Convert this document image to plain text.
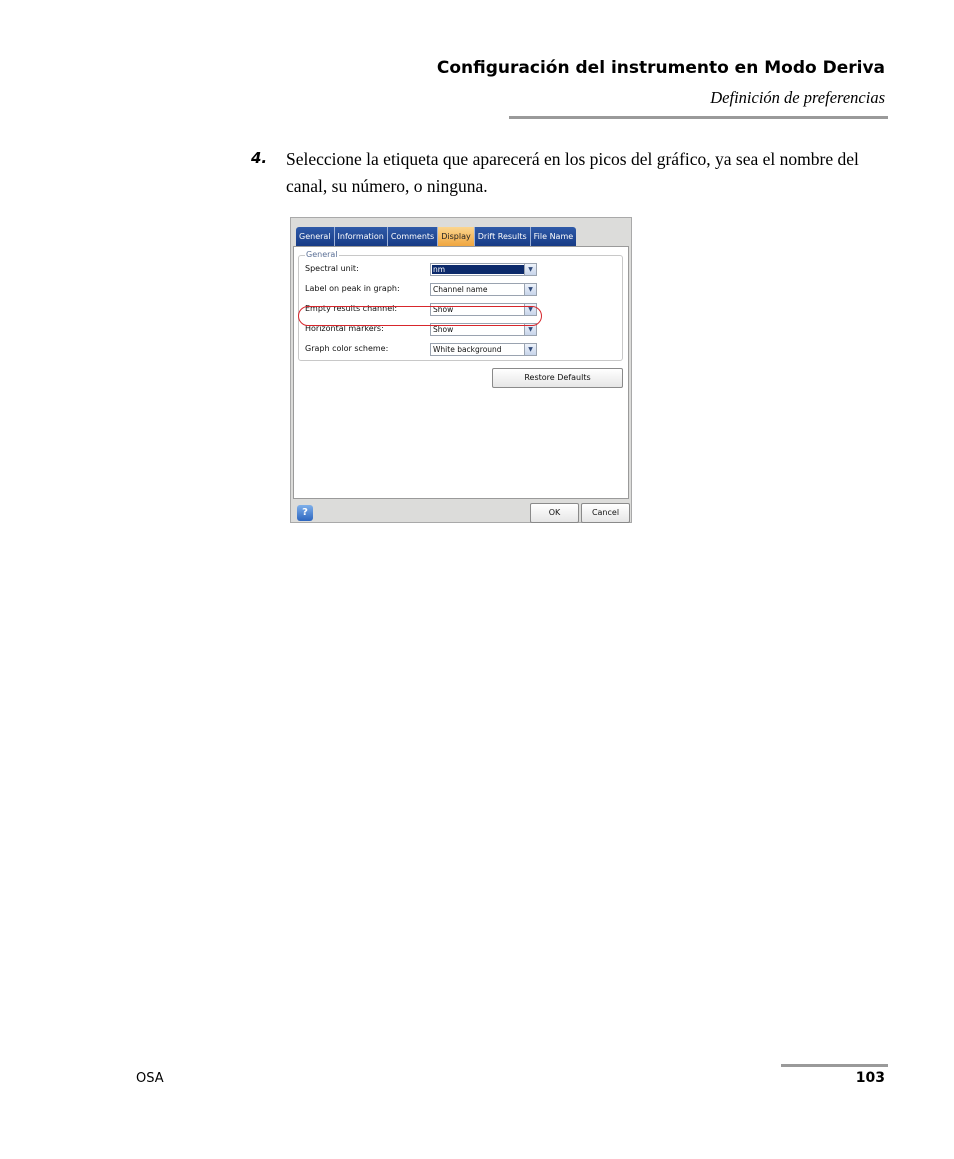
Configuración del instrumento en Modo Deriva
Definición de preferencias
4. Seleccione la etiqueta que aparecerá en los picos del gráfico, ya sea el nombre del canal, su número, o ninguna.
General Information Comments Display Drift Results File Name
General
Spectral unit:	nm	▼
Label on peak in graph:	Channel name	▼
Empty results channel:	Show	▼
Horizontal markers:	Show	▼
Graph color scheme:	White background	▼
Restore Defaults
?	OK	Cancel
OSA	103
